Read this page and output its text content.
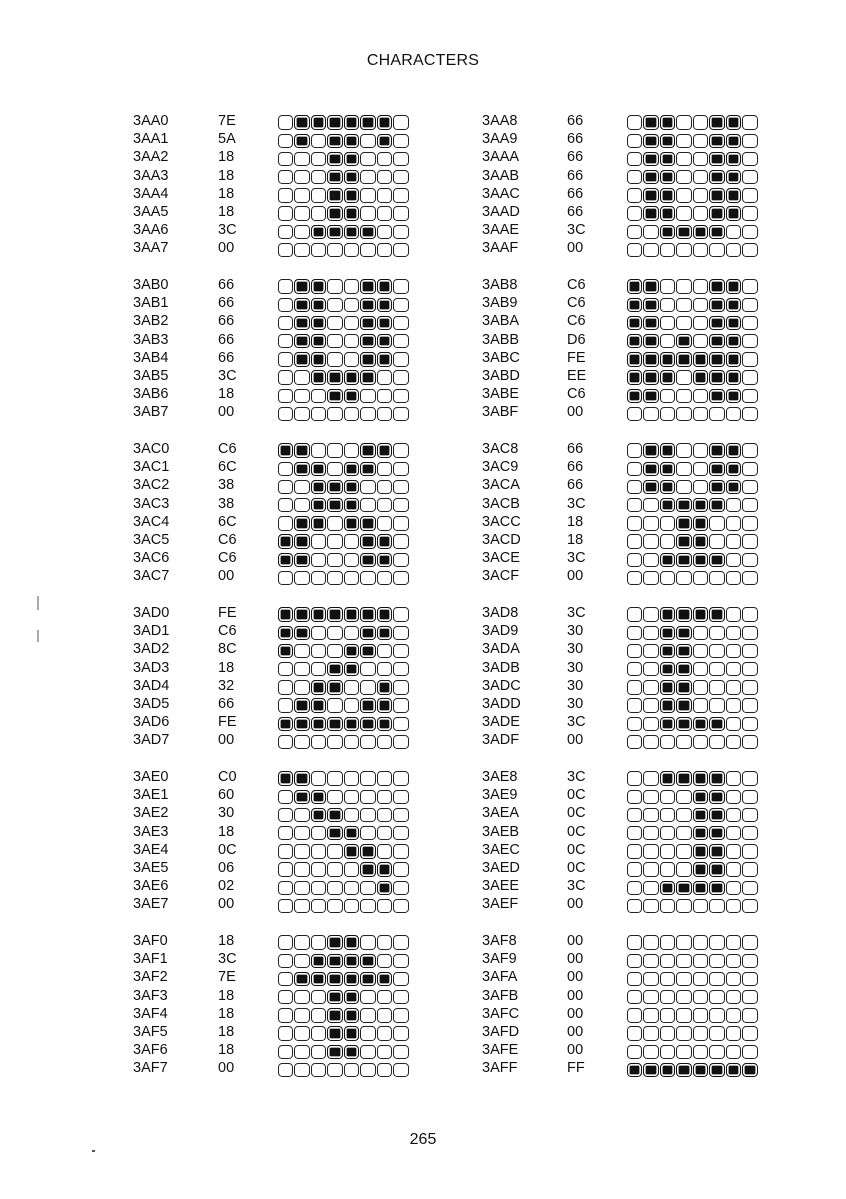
CHARACTERS
3AA0
3AA1
3AA2
3AA3
3AA4
3AA5
3AA6
3AA7
7E
5A
18
18
18
18
3C
00
3AA8
3AA9
3AAA
3AAB
3AAC
3AAD
3AAE
3AAF
66
66
66
66
66
66
3C
00
3AB0
3AB1
3AB2
3AB3
3AB4
3AB5
3AB6
3AB7
66
66
66
66
66
3C
18
00
3AB8
3AB9
3ABA
3ABB
3ABC
3ABD
3ABE
3ABF
C6
C6
C6
D6
FE
EE
C6
00
3AC0
3AC1
3AC2
3AC3
3AC4
3AC5
3AC6
3AC7
C6
6C
38
38
6C
C6
C6
00
3AC8
3AC9
3ACA
3ACB
3ACC
3ACD
3ACE
3ACF
66
66
66
3C
18
18
3C
00
3AD0
3AD1
3AD2
3AD3
3AD4
3AD5
3AD6
3AD7
FE
C6
8C
18
32
66
FE
00
3AD8
3AD9
3ADA
3ADB
3ADC
3ADD
3ADE
3ADF
3C
30
30
30
30
30
3C
00
3AE0
3AE1
3AE2
3AE3
3AE4
3AE5
3AE6
3AE7
C0
60
30
18
0C
06
02
00
3AE8
3AE9
3AEA
3AEB
3AEC
3AED
3AEE
3AEF
3C
0C
0C
0C
0C
0C
3C
00
3AF0
3AF1
3AF2
3AF3
3AF4
3AF5
3AF6
3AF7
18
3C
7E
18
18
18
18
00
3AF8
3AF9
3AFA
3AFB
3AFC
3AFD
3AFE
3AFF
00
00
00
00
00
00
00
FF
265
